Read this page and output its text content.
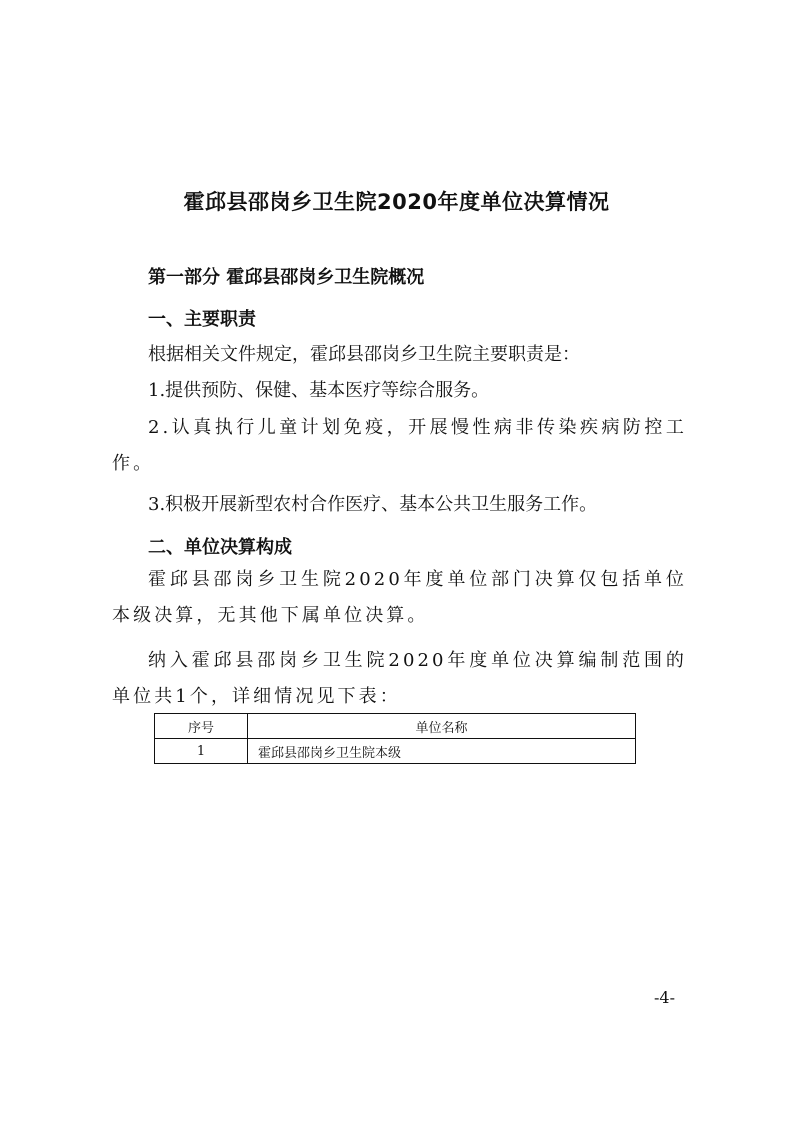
霍邱县邵岗乡卫生院2020年度单位决算情况

第一部分 霍邱县邵岗乡卫生院概况

一、主要职责

根据相关文件规定，霍邱县邵岗乡卫生院主要职责是：

1.提供预防、保健、基本医疗等综合服务。

2.认真执行儿童计划免疫，开展慢性病非传染疾病防控工作。

3.积极开展新型农村合作医疗、基本公共卫生服务工作。

二、单位决算构成

霍邱县邵岗乡卫生院2020年度单位部门决算仅包括单位本级决算，无其他下属单位决算。

纳入霍邱县邵岗乡卫生院2020年度单位决算编制范围的单位共1个，详细情况见下表：

序号	单位名称
1	霍邱县邵岗乡卫生院本级

-4-
